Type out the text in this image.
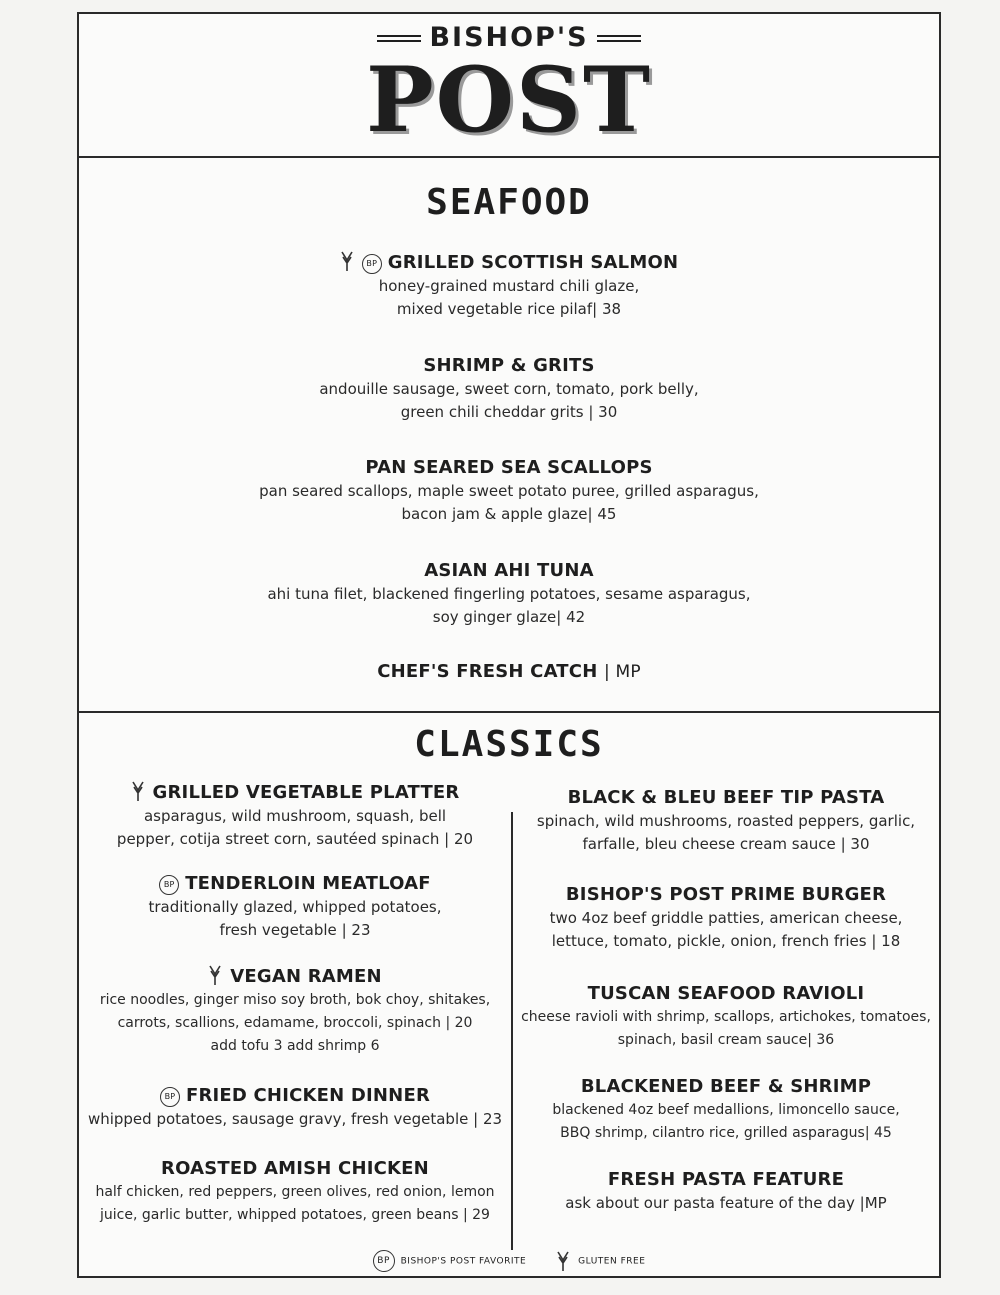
BISHOP'S
POST
SEAFOOD
BP GRILLED SCOTTISH SALMON
honey-grained mustard chili glaze,
mixed vegetable rice pilaf| 38
SHRIMP & GRITS
andouille sausage, sweet corn, tomato, pork belly,
green chili cheddar grits | 30
PAN SEARED SEA SCALLOPS
pan seared scallops, maple sweet potato puree, grilled asparagus,
bacon jam & apple glaze| 45
ASIAN AHI TUNA
ahi tuna filet, blackened fingerling potatoes, sesame asparagus,
soy ginger glaze| 42
CHEF'S FRESH CATCH | MP
CLASSICS
GRILLED VEGETABLE PLATTER
asparagus, wild mushroom, squash, bell
pepper, cotija street corn, sautéed spinach | 20
BP TENDERLOIN MEATLOAF
traditionally glazed, whipped potatoes,
fresh vegetable | 23
VEGAN RAMEN
rice noodles, ginger miso soy broth, bok choy, shitakes,
carrots, scallions, edamame, broccoli, spinach | 20
add tofu 3 add shrimp 6
BP FRIED CHICKEN DINNER
whipped potatoes, sausage gravy, fresh vegetable | 23
ROASTED AMISH CHICKEN
half chicken, red peppers, green olives, red onion, lemon
juice, garlic butter, whipped potatoes, green beans | 29
BLACK & BLEU BEEF TIP PASTA
spinach, wild mushrooms, roasted peppers, garlic,
farfalle, bleu cheese cream sauce | 30
BISHOP'S POST PRIME BURGER
two 4oz beef griddle patties, american cheese,
lettuce, tomato, pickle, onion, french fries | 18
TUSCAN SEAFOOD RAVIOLI
cheese ravioli with shrimp, scallops, artichokes, tomatoes,
spinach, basil cream sauce| 36
BLACKENED BEEF & SHRIMP
blackened 4oz beef medallions, limoncello sauce,
BBQ shrimp, cilantro rice, grilled asparagus| 45
FRESH PASTA FEATURE
ask about our pasta feature of the day |MP
BP BISHOP'S POST FAVORITE	GLUTEN FREE
